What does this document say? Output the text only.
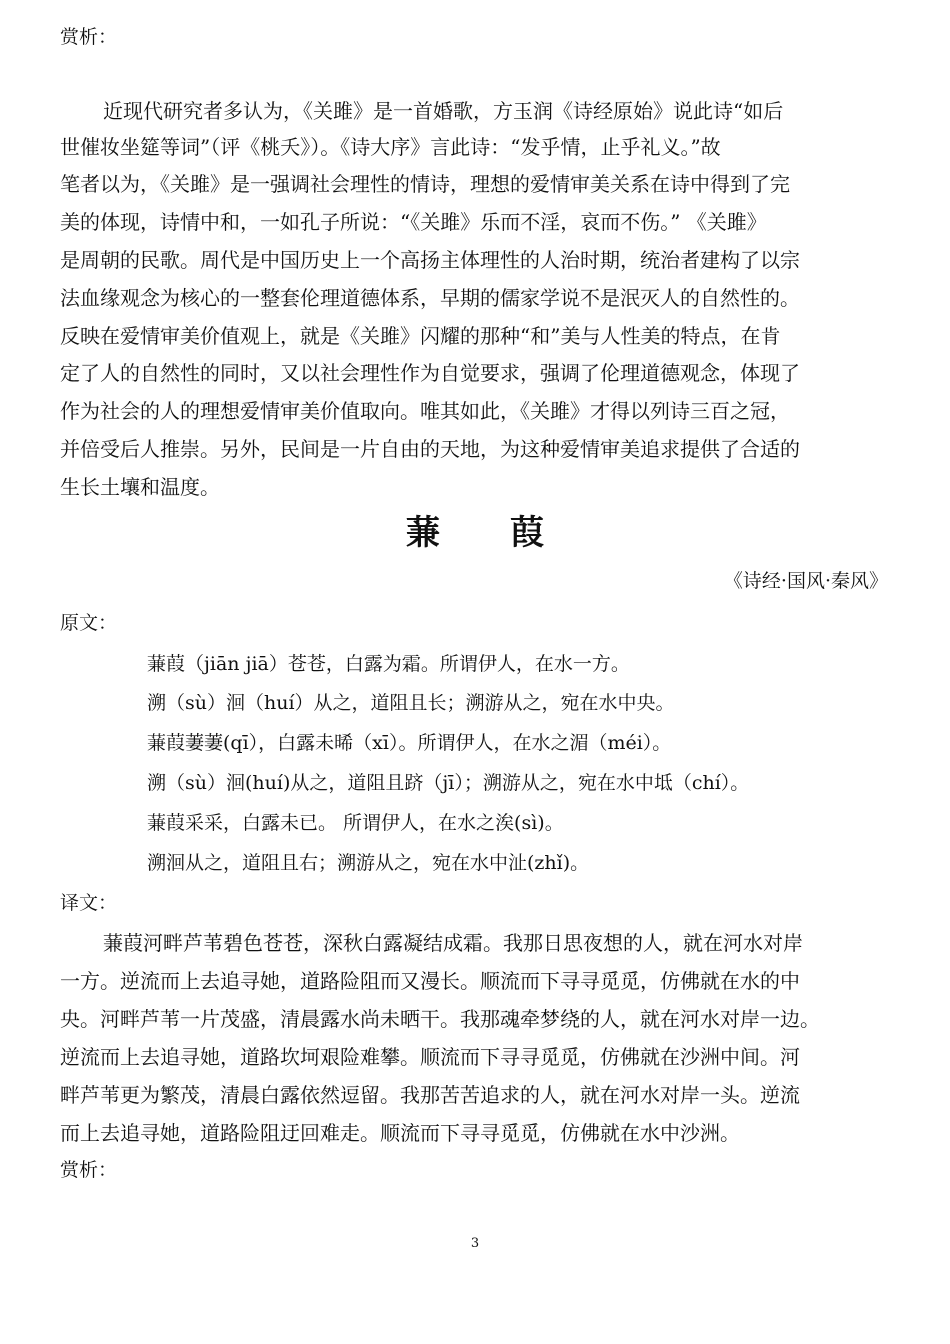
赏析：
近现代研究者多认为，《关雎》是一首婚歌，方玉润《诗经原始》说此诗“如后
世催妆坐筵等词”（评《桃夭》）。《诗大序》言此诗：“发乎情，止乎礼义。”故
笔者以为，《关雎》是一强调社会理性的情诗，理想的爱情审美关系在诗中得到了完
美的体现，诗情中和，一如孔子所说：“《关雎》乐而不淫，哀而不伤。” 《关雎》
是周朝的民歌。周代是中国历史上一个高扬主体理性的人治时期，统治者建构了以宗
法血缘观念为核心的一整套伦理道德体系，早期的儒家学说不是泯灭人的自然性的。
反映在爱情审美价值观上，就是《关雎》闪耀的那种“和”美与人性美的特点，在肯
定了人的自然性的同时，又以社会理性作为自觉要求，强调了伦理道德观念，体现了
作为社会的人的理想爱情审美价值取向。唯其如此，《关雎》才得以列诗三百之冠，
并倍受后人推崇。另外，民间是一片自由的天地，为这种爱情审美追求提供了合适的
生长土壤和温度。
蒹葭
《诗经·国风·秦风》
原文：
蒹葭（jiān jiā）苍苍，白露为霜。所谓伊人，在水一方。
溯（sù）洄（huí）从之，道阻且长；溯游从之，宛在水中央。
蒹葭萋萋(qī），白露未晞（xī）。所谓伊人，在水之湄（méi）。
溯（sù）洄(huí)从之，道阻且跻（jī）；溯游从之，宛在水中坻（chí）。
蒹葭采采，白露未已。 所谓伊人，在水之涘(sì)。
溯洄从之，道阻且右；溯游从之，宛在水中沚(zhǐ)。
译文：
蒹葭河畔芦苇碧色苍苍，深秋白露凝结成霜。我那日思夜想的人，就在河水对岸
一方。逆流而上去追寻她，道路险阻而又漫长。顺流而下寻寻觅觅，仿佛就在水的中
央。河畔芦苇一片茂盛，清晨露水尚未晒干。我那魂牵梦绕的人，就在河水对岸一边。
逆流而上去追寻她，道路坎坷艰险难攀。顺流而下寻寻觅觅，仿佛就在沙洲中间。河
畔芦苇更为繁茂，清晨白露依然逗留。我那苦苦追求的人，就在河水对岸一头。逆流
而上去追寻她，道路险阻迂回难走。顺流而下寻寻觅觅，仿佛就在水中沙洲。
赏析：
3
